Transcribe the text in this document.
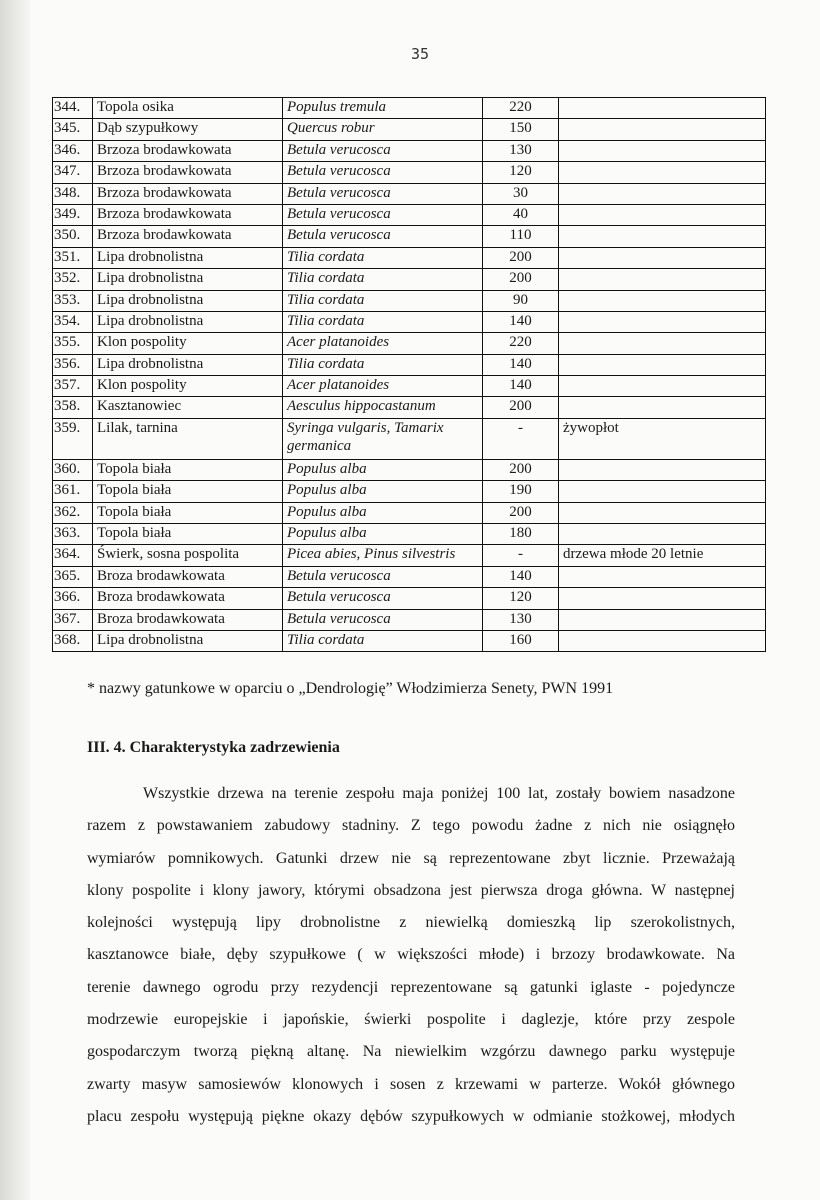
35
344.	Topola osika	Populus tremula	220	
345.	Dąb szypułkowy	Quercus robur	150	
346.	Brzoza brodawkowata	Betula verucosca	130	
347.	Brzoza brodawkowata	Betula verucosca	120	
348.	Brzoza brodawkowata	Betula verucosca	30	
349.	Brzoza brodawkowata	Betula verucosca	40	
350.	Brzoza brodawkowata	Betula verucosca	110	
351.	Lipa drobnolistna	Tilia cordata	200	
352.	Lipa drobnolistna	Tilia cordata	200	
353.	Lipa drobnolistna	Tilia cordata	90	
354.	Lipa drobnolistna	Tilia cordata	140	
355.	Klon pospolity	Acer platanoides	220	
356.	Lipa drobnolistna	Tilia cordata	140	
357.	Klon pospolity	Acer platanoides	140	
358.	Kasztanowiec	Aesculus hippocastanum	200	
359.	Lilak, tarnina	Syringa vulgaris, Tamarix germanica	-	żywopłot
360.	Topola biała	Populus alba	200	
361.	Topola biała	Populus alba	190	
362.	Topola biała	Populus alba	200	
363.	Topola biała	Populus alba	180	
364.	Świerk, sosna pospolita	Picea abies, Pinus silvestris	-	drzewa młode 20 letnie
365.	Broza brodawkowata	Betula verucosca	140	
366.	Broza brodawkowata	Betula verucosca	120	
367.	Broza brodawkowata	Betula verucosca	130	
368.	Lipa drobnolistna	Tilia cordata	160	
* nazwy gatunkowe w oparciu o „Dendrologię” Włodzimierza Senety, PWN 1991
III. 4. Charakterystyka zadrzewienia
Wszystkie drzewa na terenie zespołu maja poniżej 100 lat, zostały bowiem nasadzone
razem z powstawaniem zabudowy stadniny. Z tego powodu żadne z nich nie osiągnęło
wymiarów pomnikowych. Gatunki drzew nie są reprezentowane zbyt licznie. Przeważają
klony pospolite i klony jawory, którymi obsadzona jest pierwsza droga główna. W następnej
kolejności występują lipy drobnolistne z niewielką domieszką lip szerokolistnych,
kasztanowce białe, dęby szypułkowe ( w większości młode) i brzozy brodawkowate. Na
terenie dawnego ogrodu przy rezydencji reprezentowane są gatunki iglaste - pojedyncze
modrzewie europejskie i japońskie, świerki pospolite i daglezje, które przy zespole
gospodarczym tworzą piękną altanę. Na niewielkim wzgórzu dawnego parku występuje
zwarty masyw samosiewów klonowych i sosen z krzewami w parterze. Wokół głównego
placu zespołu występują piękne okazy dębów szypułkowych w odmianie stożkowej, młodych
